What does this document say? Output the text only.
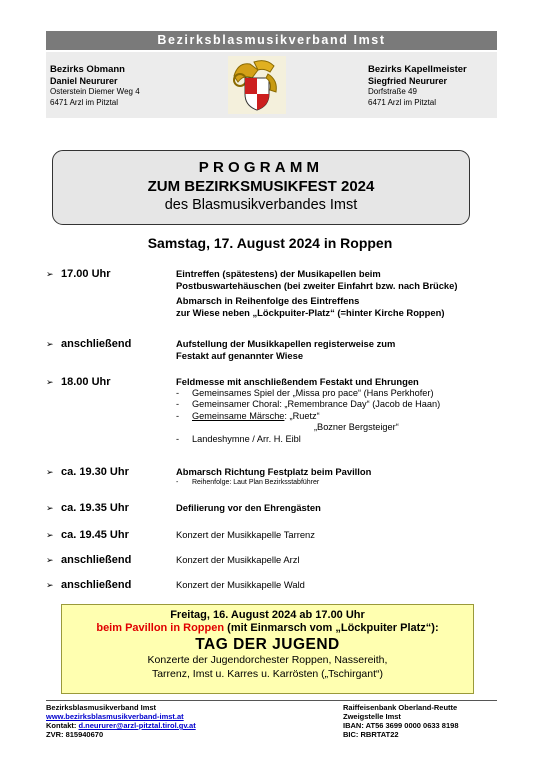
Bezirksblasmusikverband Imst
Bezirks Obmann
Daniel Neururer
Osterstein Diemer Weg 4
6471 Arzl im Pitztal
Bezirks Kapellmeister
Siegfried Neururer
Dorfstraße 49
6471 Arzl im Pitztal
PROGRAMM
ZUM BEZIRKSMUSIKFEST 2024
des Blasmusikverbandes Imst
Samstag, 17. August 2024 in Roppen
➢ 17.00 Uhr	Eintreffen (spätestens) der Musikapellen beim
Postbuswartehäuschen (bei zweiter Einfahrt bzw. nach Brücke)
Abmarsch in Reihenfolge des Eintreffens
zur Wiese neben „Löckpuiter-Platz“ (=hinter Kirche Roppen)
➢ anschließend	Aufstellung der Musikkapellen registerweise zum
Festakt auf genannter Wiese
➢ 18.00 Uhr	Feldmesse mit anschließendem Festakt und Ehrungen
- Gemeinsames Spiel der „Missa pro pace“ (Hans Perkhofer)
- Gemeinsamer Choral: „Remembrance Day“ (Jacob de Haan)
- Gemeinsame Märsche: „Ruetz“
„Bozner Bergsteiger“
- Landeshymne / Arr. H. Eibl
➢ ca. 19.30 Uhr	Abmarsch Richtung Festplatz beim Pavillon
- Reihenfolge: Laut Plan Bezirksstabführer
➢ ca. 19.35 Uhr	Defilierung vor den Ehrengästen
➢ ca. 19.45 Uhr	Konzert der Musikkapelle Tarrenz
➢ anschließend	Konzert der Musikkapelle Arzl
➢ anschließend	Konzert der Musikkapelle Wald
Freitag, 16. August 2024 ab 17.00 Uhr
beim Pavillon in Roppen (mit Einmarsch vom „Löckpuiter Platz“):
TAG DER JUGEND
Konzerte der Jugendorchester Roppen, Nassereith,
Tarrenz, Imst u. Karres u. Karrösten („Tschirgant“)
Bezirksblasmusikverband Imst
www.bezirksblasmusikverband-imst.at
Kontakt: d.neururer@arzl-pitztal.tirol.gv.at
ZVR: 815940670
Raiffeisenbank Oberland-Reutte
Zweigstelle Imst
IBAN: AT56 3699 0000 0633 8198
BIC: RBRTAT22
